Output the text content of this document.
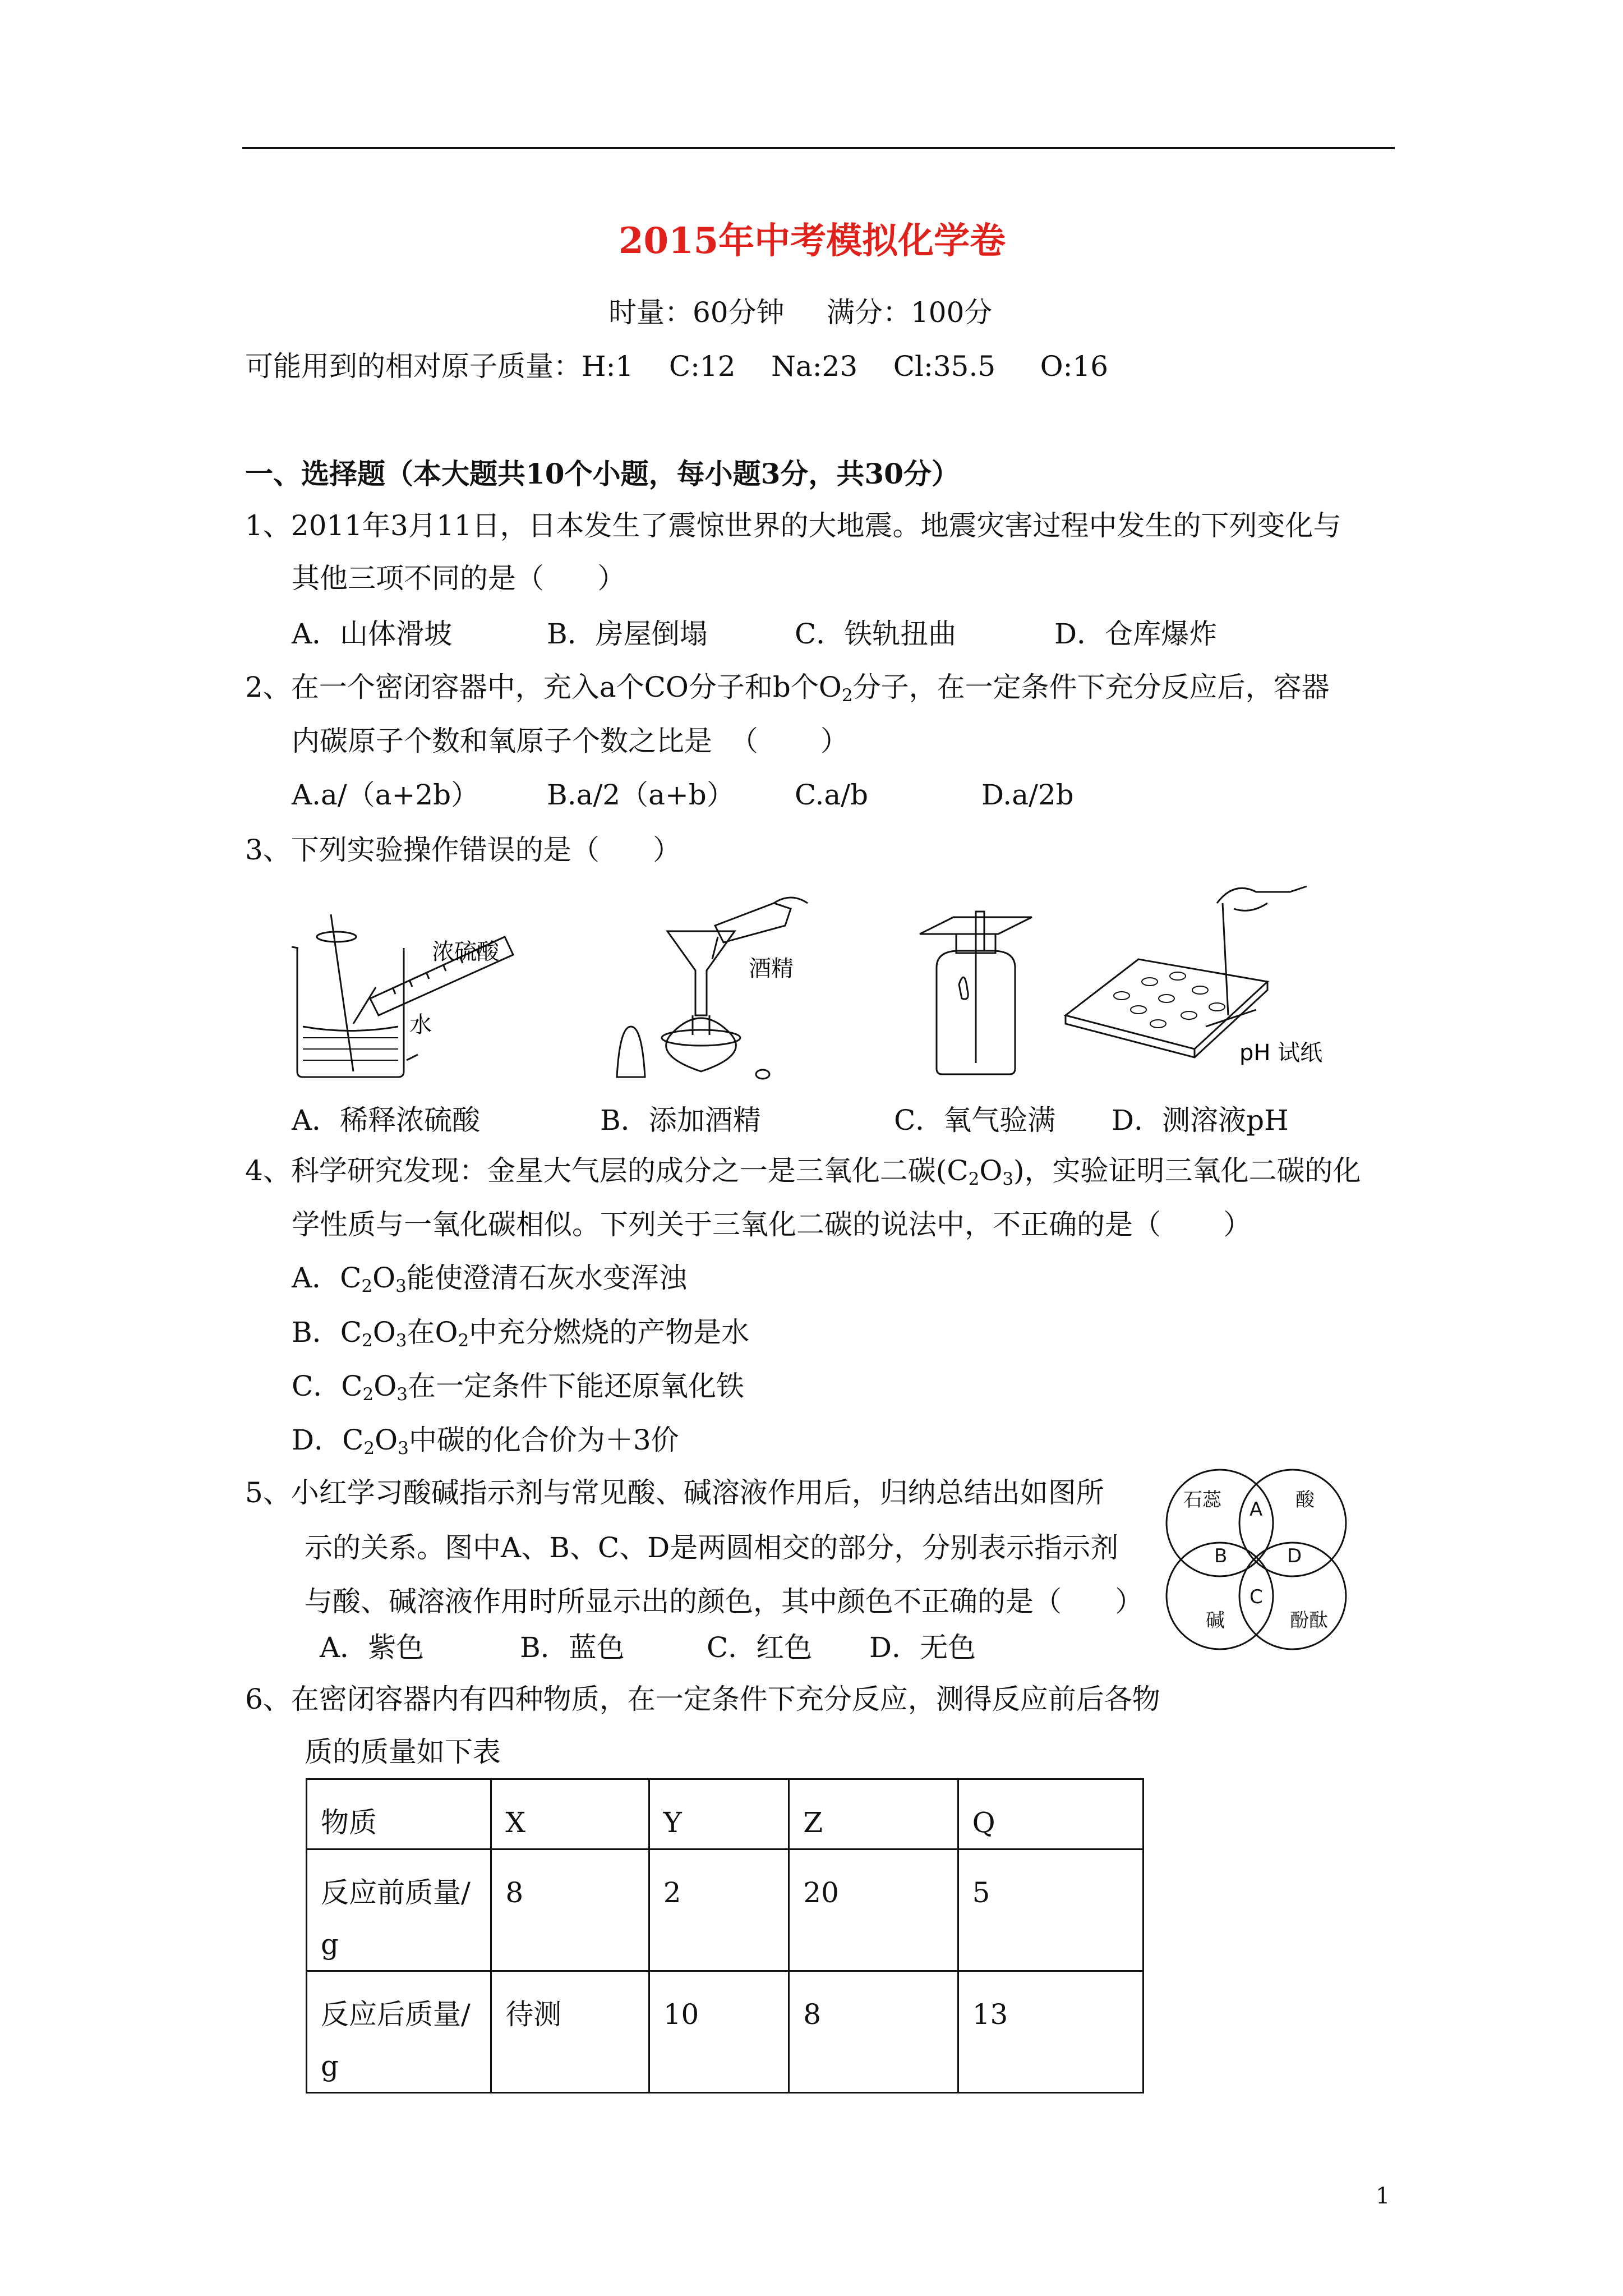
2015年中考模拟化学卷
时量：60分钟 满分：100分
可能用到的相对原子质量：H:1    C:12    Na:23    Cl:35.5     O:16
一、选择题（本大题共10个小题，每小题3分，共30分）
1、2011年3月11日，日本发生了震惊世界的大地震。地震灾害过程中发生的下列变化与
其他三项不同的是（      ）
A．山体滑坡	B．房屋倒塌	C．铁轨扭曲	D．仓库爆炸
2、在一个密闭容器中，充入a个CO分子和b个$O_2$分子，在一定条件下充分反应后，容器
内碳原子个数和氧原子个数之比是  （       ）
A.a/（a+2b） B.a/2（a+b） C.a/b	D.a/2b
3、下列实验操作错误的是（      ）
浓硫酸
水
酒精
pH 试纸
A．稀释浓硫酸	B．添加酒精	C．氧气验满 D．测溶液pH
4、科学研究发现：金星大气层的成分之一是三氧化二碳$(C_2O_3)$，实验证明三氧化二碳的化
学性质与一氧化碳相似。下列关于三氧化二碳的说法中，不正确的是（       ）
A．$C_2O_3$能使澄清石灰水变浑浊
B．$C_2O_3$在$O_2$中充分燃烧的产物是水
C．$C_2O_3$在一定条件下能还原氧化铁
D．$C_2O_3$中碳的化合价为＋3价
5、小红学习酸碱指示剂与常见酸、碱溶液作用后，归纳总结出如图所
示的关系。图中A、B、C、D是两圆相交的部分，分别表示指示剂
与酸、碱溶液作用时所显示出的颜色，其中颜色不正确的是（      ）
A．紫色	B．蓝色	C．红色 D．无色
石蕊	酸
碱	酚酞
A
B	D
C
6、在密闭容器内有四种物质，在一定条件下充分反应，测得反应前后各物
质的质量如下表
物质	X	Y	Z	Q
反应前质量/g	8	2	20	5
反应后质量/g	待测	10	8	13
1
